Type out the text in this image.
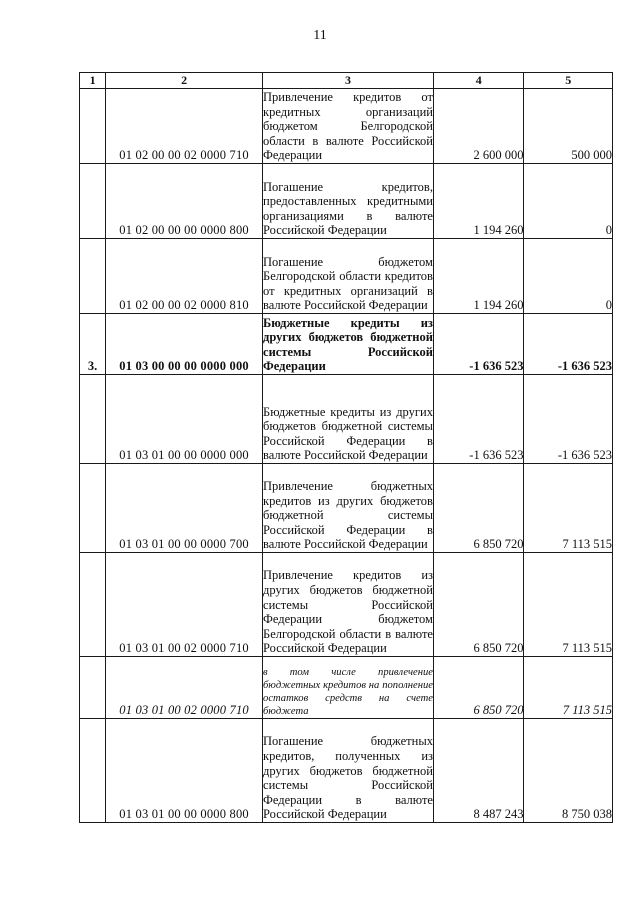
11
1	2	3	4	5
	01 02 00 00 02 0000 710	Привлечение кредитов от кредитных организаций бюджетом Белгородской области в валюте Российской Федерации	2 600 000	500 000
	01 02 00 00 00 0000 800	Погашение кредитов, предоставленных кредитными организациями в валюте Российской Федерации	1 194 260	0
	01 02 00 00 02 0000 810	Погашение бюджетом Белгородской области кредитов от кредитных организаций в валюте Российской Федерации	1 194 260	0
3.	01 03 00 00 00 0000 000	Бюджетные кредиты из других бюджетов бюджетной системы Российской Федерации	-1 636 523	-1 636 523
	01 03 01 00 00 0000 000	Бюджетные кредиты из других бюджетов бюджетной системы Российской Федерации в валюте Российской Федерации	-1 636 523	-1 636 523
	01 03 01 00 00 0000 700	Привлечение бюджетных кредитов из других бюджетов бюджетной системы Российской Федерации в валюте Российской Федерации	6 850 720	7 113 515
	01 03 01 00 02 0000 710	Привлечение кредитов из других бюджетов бюджетной системы Российской Федерации бюджетом Белгородской области в валюте Российской Федерации	6 850 720	7 113 515
	01 03 01 00 02 0000 710	в том числе привлечение бюджетных кредитов на пополнение остатков средств на счете бюджета	6 850 720	7 113 515
	01 03 01 00 00 0000 800	Погашение бюджетных кредитов, полученных из других бюджетов бюджетной системы Российской Федерации в валюте Российской Федерации	8 487 243	8 750 038
